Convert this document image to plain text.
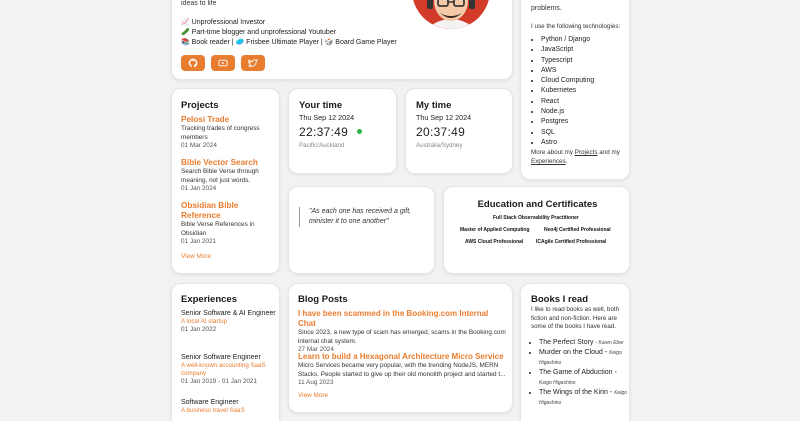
ideas to life
📈 Unprofessional Investor
🥒 Part-time blogger and unprofessional Youtuber
📚 Book reader | 🥏 Frisbee Ultimate Player | 🎲 Board Game Player
problems.
I use the following technologies:
• Python / Django
• JavaScript
• Typescript
• AWS
• Cloud Computing
• Kubernetes
• React
• Node.js
• Postgres
• SQL
• Astro
More about my Projects and my Experiences.
Projects
Pelosi Trade
Tracking trades of congress members
01 Mar 2024
Bible Vector Search
Search Bible Verse through meaning, not just words.
01 Jan 2024
Obsidian Bible Reference
Bible Verse References in Obsidian
01 Jan 2021
View More
Your time
Thu Sep 12 2024
22:37:49
Pacific/Auckland
My time
Thu Sep 12 2024
20:37:49
Australia/Sydney
"As each one has received a gift, minister it to one another"
Education and Certificates
Full Stack Observability Practitioner
Master of Applied Computing	Neo4j Certified Professional
AWS Cloud Professional	ICAgile Certified Professional
Experiences
Senior Software & AI Engineer
A local AI startup
01 Jan 2022
Senior Software Engineer
A well-known accounting SaaS company
01 Jan 2019 - 01 Jan 2021
Software Engineer
A business travel SaaS
Blog Posts
I have been scammed in the Booking.com Internal Chat
Since 2023, a new type of scam has emerged, scams in the Booking.com internal chat system.
27 Mar 2024
Learn to build a Hexagonal Architecture Micro Service
Micro Services became very popular, with the trending NodeJS, MERN Stacks. People started to give up their old monolith project and started t...
11 Aug 2023
View More
Books I read
I like to read books as well, both fiction and non-fiction. Here are some of the books I have read.
• The Perfect Story - Karen Eber
• Murder on the Cloud - Keigo Higashino
• The Game of Abduction - Keigo Higashino
• The Wings of the Kirin - Keigo Higashino
